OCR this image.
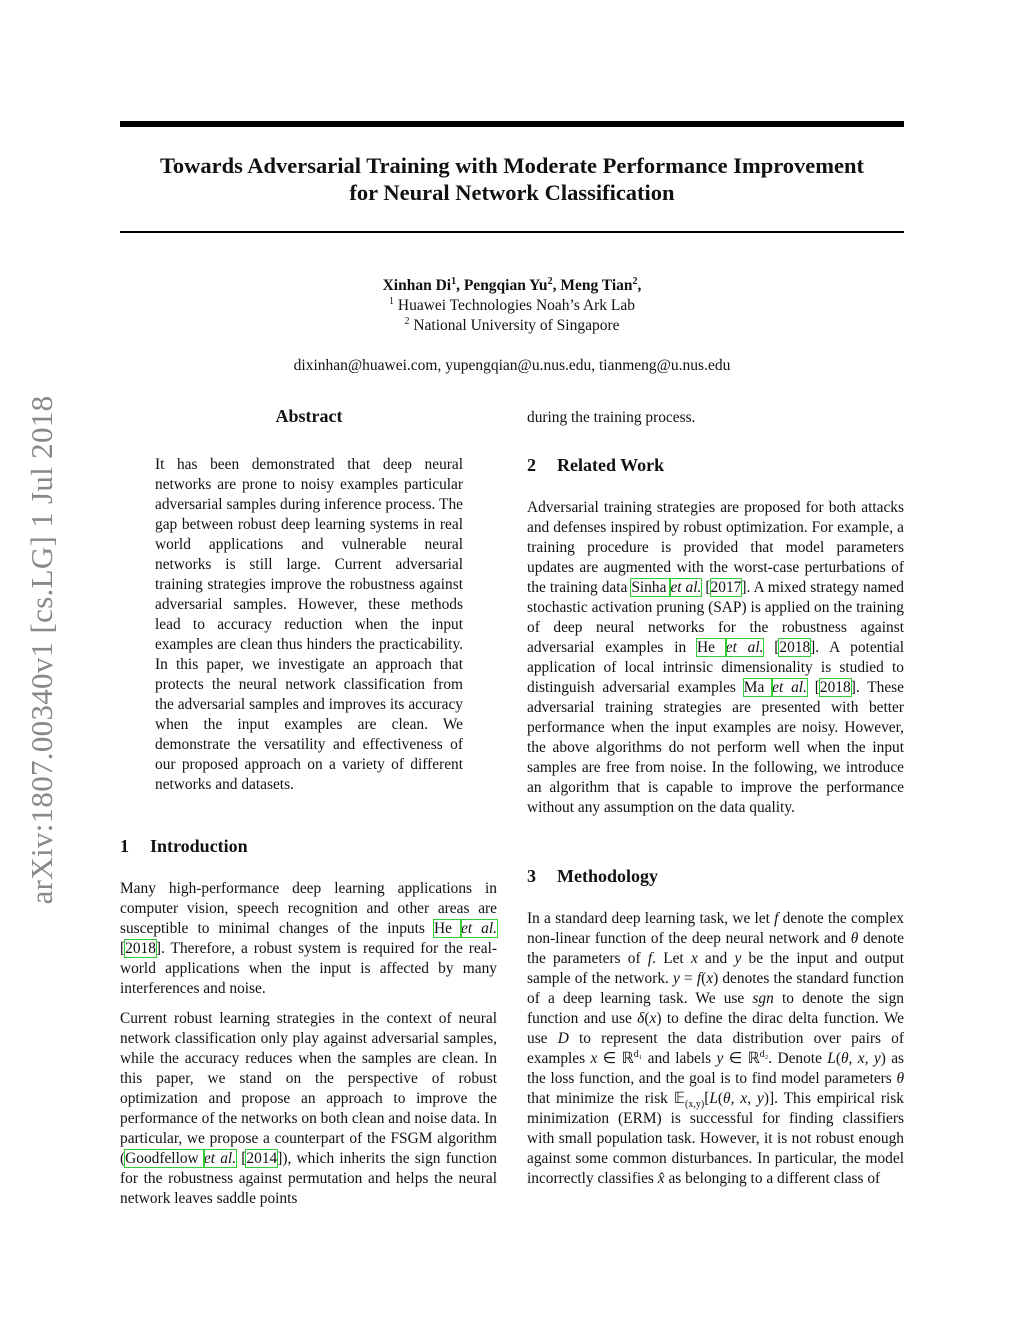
arXiv:1807.00340v1 [cs.LG] 1 Jul 2018
Towards Adversarial Training with Moderate Performance Improvement
for Neural Network Classification
Xinhan Di$^1$, Pengqian Yu$^2$, Meng Tian$^2$,
$^1$ Huawei Technologies Noah’s Ark Lab
$^2$ National University of Singapore
dixinhan@huawei.com, yupengqian@u.nus.edu, tianmeng@u.nus.edu
Abstract

It has been demonstrated that deep neural networks are prone to noisy examples particular adversarial samples during inference process. The gap between robust deep learning systems in real world applications and vulnerable neural networks is still large. Current adversarial training strategies improve the robustness against adversarial samples. However, these methods lead to accuracy reduction when the input examples are clean thus hinders the practicability. In this paper, we investigate an approach that protects the neural network classification from the adversarial samples and improves its accuracy when the input examples are clean. We demonstrate the versatility and effectiveness of our proposed approach on a variety of different networks and datasets.

1 Introduction

Many high-performance deep learning applications in computer vision, speech recognition and other areas are susceptible to minimal changes of the inputs He et al. [2018]. Therefore, a robust system is required for the real-world applications when the input is affected by many interferences and noise.

Current robust learning strategies in the context of neural network classification only play against adversarial samples, while the accuracy reduces when the samples are clean. In this paper, we stand on the perspective of robust optimization and propose an approach to improve the performance of the networks on both clean and noise data. In particular, we propose a counterpart of the FSGM algorithm (Goodfellow et al. [2014]), which inherits the sign function for the robustness against permutation and helps the neural network leaves saddle points

during the training process.
2 Related Work

Adversarial training strategies are proposed for both attacks and defenses inspired by robust optimization. For example, a training procedure is provided that model parameters updates are augmented with the worst-case perturbations of the training data Sinha et al. [2017]. A mixed strategy named stochastic activation pruning (SAP) is applied on the training of deep neural networks for the robustness against adversarial examples in He et al. [2018]. A potential application of local intrinsic dimensionality is studied to distinguish adversarial examples Ma et al. [2018]. These adversarial training strategies are presented with better performance when the input examples are noisy. However, the above algorithms do not perform well when the input samples are free from noise. In the following, we introduce an algorithm that is capable to improve the performance without any assumption on the data quality.

3 Methodology

In a standard deep learning task, we let f denote the complex non-linear function of the deep neural network and θ denote the parameters of f. Let x and y be the input and output sample of the network. y = f(x) denotes the standard function of a deep learning task. We use sgn to denote the sign function and use δ(x) to define the dirac delta function. We use D to represent the data distribution over pairs of examples x ∈ ℝ$^{d_1}$ and labels y ∈ ℝ$^{d_2}$. Denote L(θ, x, y) as the loss function, and the goal is to find model parameters θ that minimize the risk 𝔼$_{(x,y)}$[L(θ, x, y)]. This empirical risk minimization (ERM) is successful for finding classifiers with small population task. However, it is not robust enough against some common disturbances. In particular, the model incorrectly classifies x̂ as belonging to a different class of
